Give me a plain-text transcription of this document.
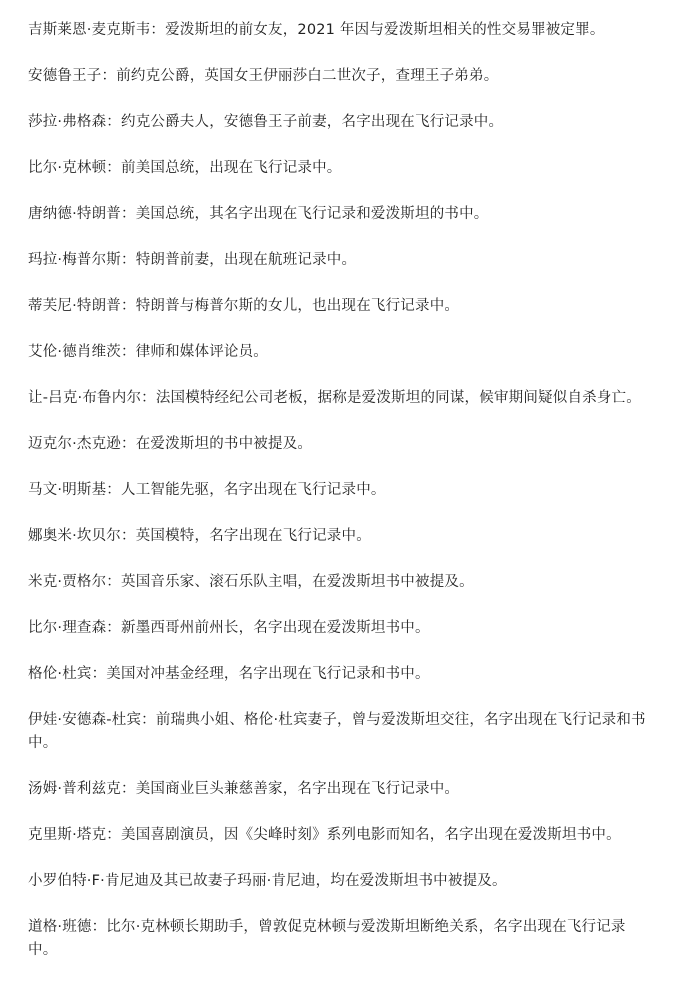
吉斯莱恩·麦克斯韦：爱泼斯坦的前女友，2021 年因与爱泼斯坦相关的性交易罪被定罪。

安德鲁王子：前约克公爵，英国女王伊丽莎白二世次子，查理王子弟弟。

莎拉·弗格森：约克公爵夫人，安德鲁王子前妻，名字出现在飞行记录中。

比尔·克林顿：前美国总统，出现在飞行记录中。

唐纳德·特朗普：美国总统，其名字出现在飞行记录和爱泼斯坦的书中。

玛拉·梅普尔斯：特朗普前妻，出现在航班记录中。

蒂芙尼·特朗普：特朗普与梅普尔斯的女儿，也出现在飞行记录中。

艾伦·德肖维茨：律师和媒体评论员。

让-吕克·布鲁内尔：法国模特经纪公司老板，据称是爱泼斯坦的同谋，候审期间疑似自杀身亡。

迈克尔·杰克逊：在爱泼斯坦的书中被提及。

马文·明斯基：人工智能先驱，名字出现在飞行记录中。

娜奥米·坎贝尔：英国模特，名字出现在飞行记录中。

米克·贾格尔：英国音乐家、滚石乐队主唱，在爱泼斯坦书中被提及。

比尔·理查森：新墨西哥州前州长，名字出现在爱泼斯坦书中。

格伦·杜宾：美国对冲基金经理，名字出现在飞行记录和书中。

伊娃·安德森-杜宾：前瑞典小姐、格伦·杜宾妻子，曾与爱泼斯坦交往，名字出现在飞行记录和书中。

汤姆·普利兹克：美国商业巨头兼慈善家，名字出现在飞行记录中。

克里斯·塔克：美国喜剧演员，因《尖峰时刻》系列电影而知名，名字出现在爱泼斯坦书中。

小罗伯特·F·肯尼迪及其已故妻子玛丽·肯尼迪，均在爱泼斯坦书中被提及。

道格·班德：比尔·克林顿长期助手，曾敦促克林顿与爱泼斯坦断绝关系，名字出现在飞行记录中。
